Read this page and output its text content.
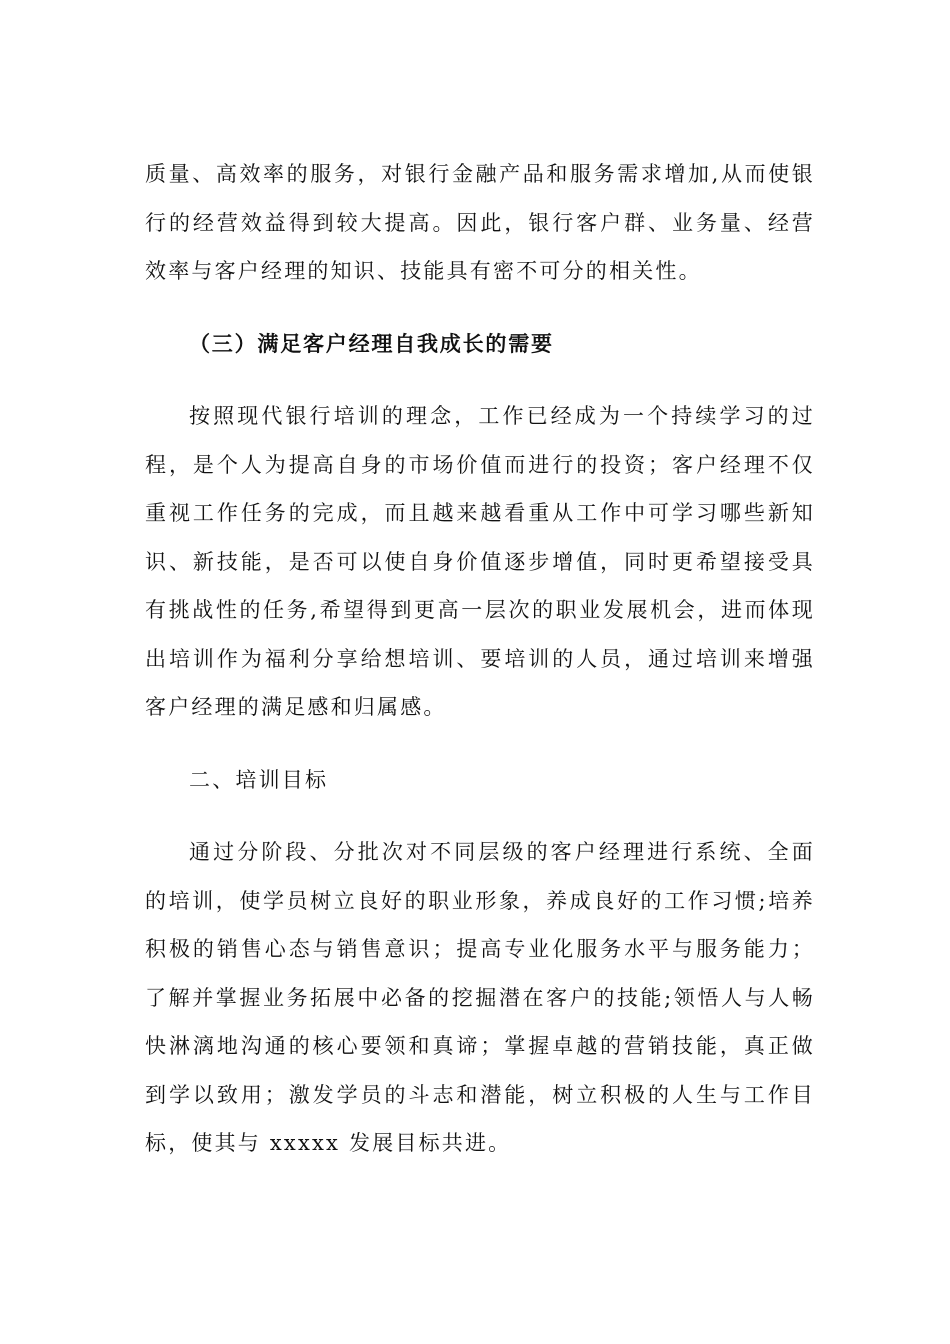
质量、高效率的服务，对银行金融产品和服务需求增加,从而使银行的经营效益得到较大提高。因此，银行客户群、业务量、经营效率与客户经理的知识、技能具有密不可分的相关性。

（三）满足客户经理自我成长的需要

按照现代银行培训的理念，工作已经成为一个持续学习的过程，是个人为提高自身的市场价值而进行的投资；客户经理不仅重视工作任务的完成，而且越来越看重从工作中可学习哪些新知识、新技能，是否可以使自身价值逐步增值，同时更希望接受具有挑战性的任务,希望得到更高一层次的职业发展机会，进而体现出培训作为福利分享给想培训、要培训的人员，通过培训来增强客户经理的满足感和归属感。

二、培训目标

通过分阶段、分批次对不同层级的客户经理进行系统、全面的培训，使学员树立良好的职业形象，养成良好的工作习惯;培养积极的销售心态与销售意识；提高专业化服务水平与服务能力；了解并掌握业务拓展中必备的挖掘潜在客户的技能;领悟人与人畅快淋漓地沟通的核心要领和真谛；掌握卓越的营销技能，真正做到学以致用；激发学员的斗志和潜能，树立积极的人生与工作目标，使其与 xxxxx 发展目标共进。
